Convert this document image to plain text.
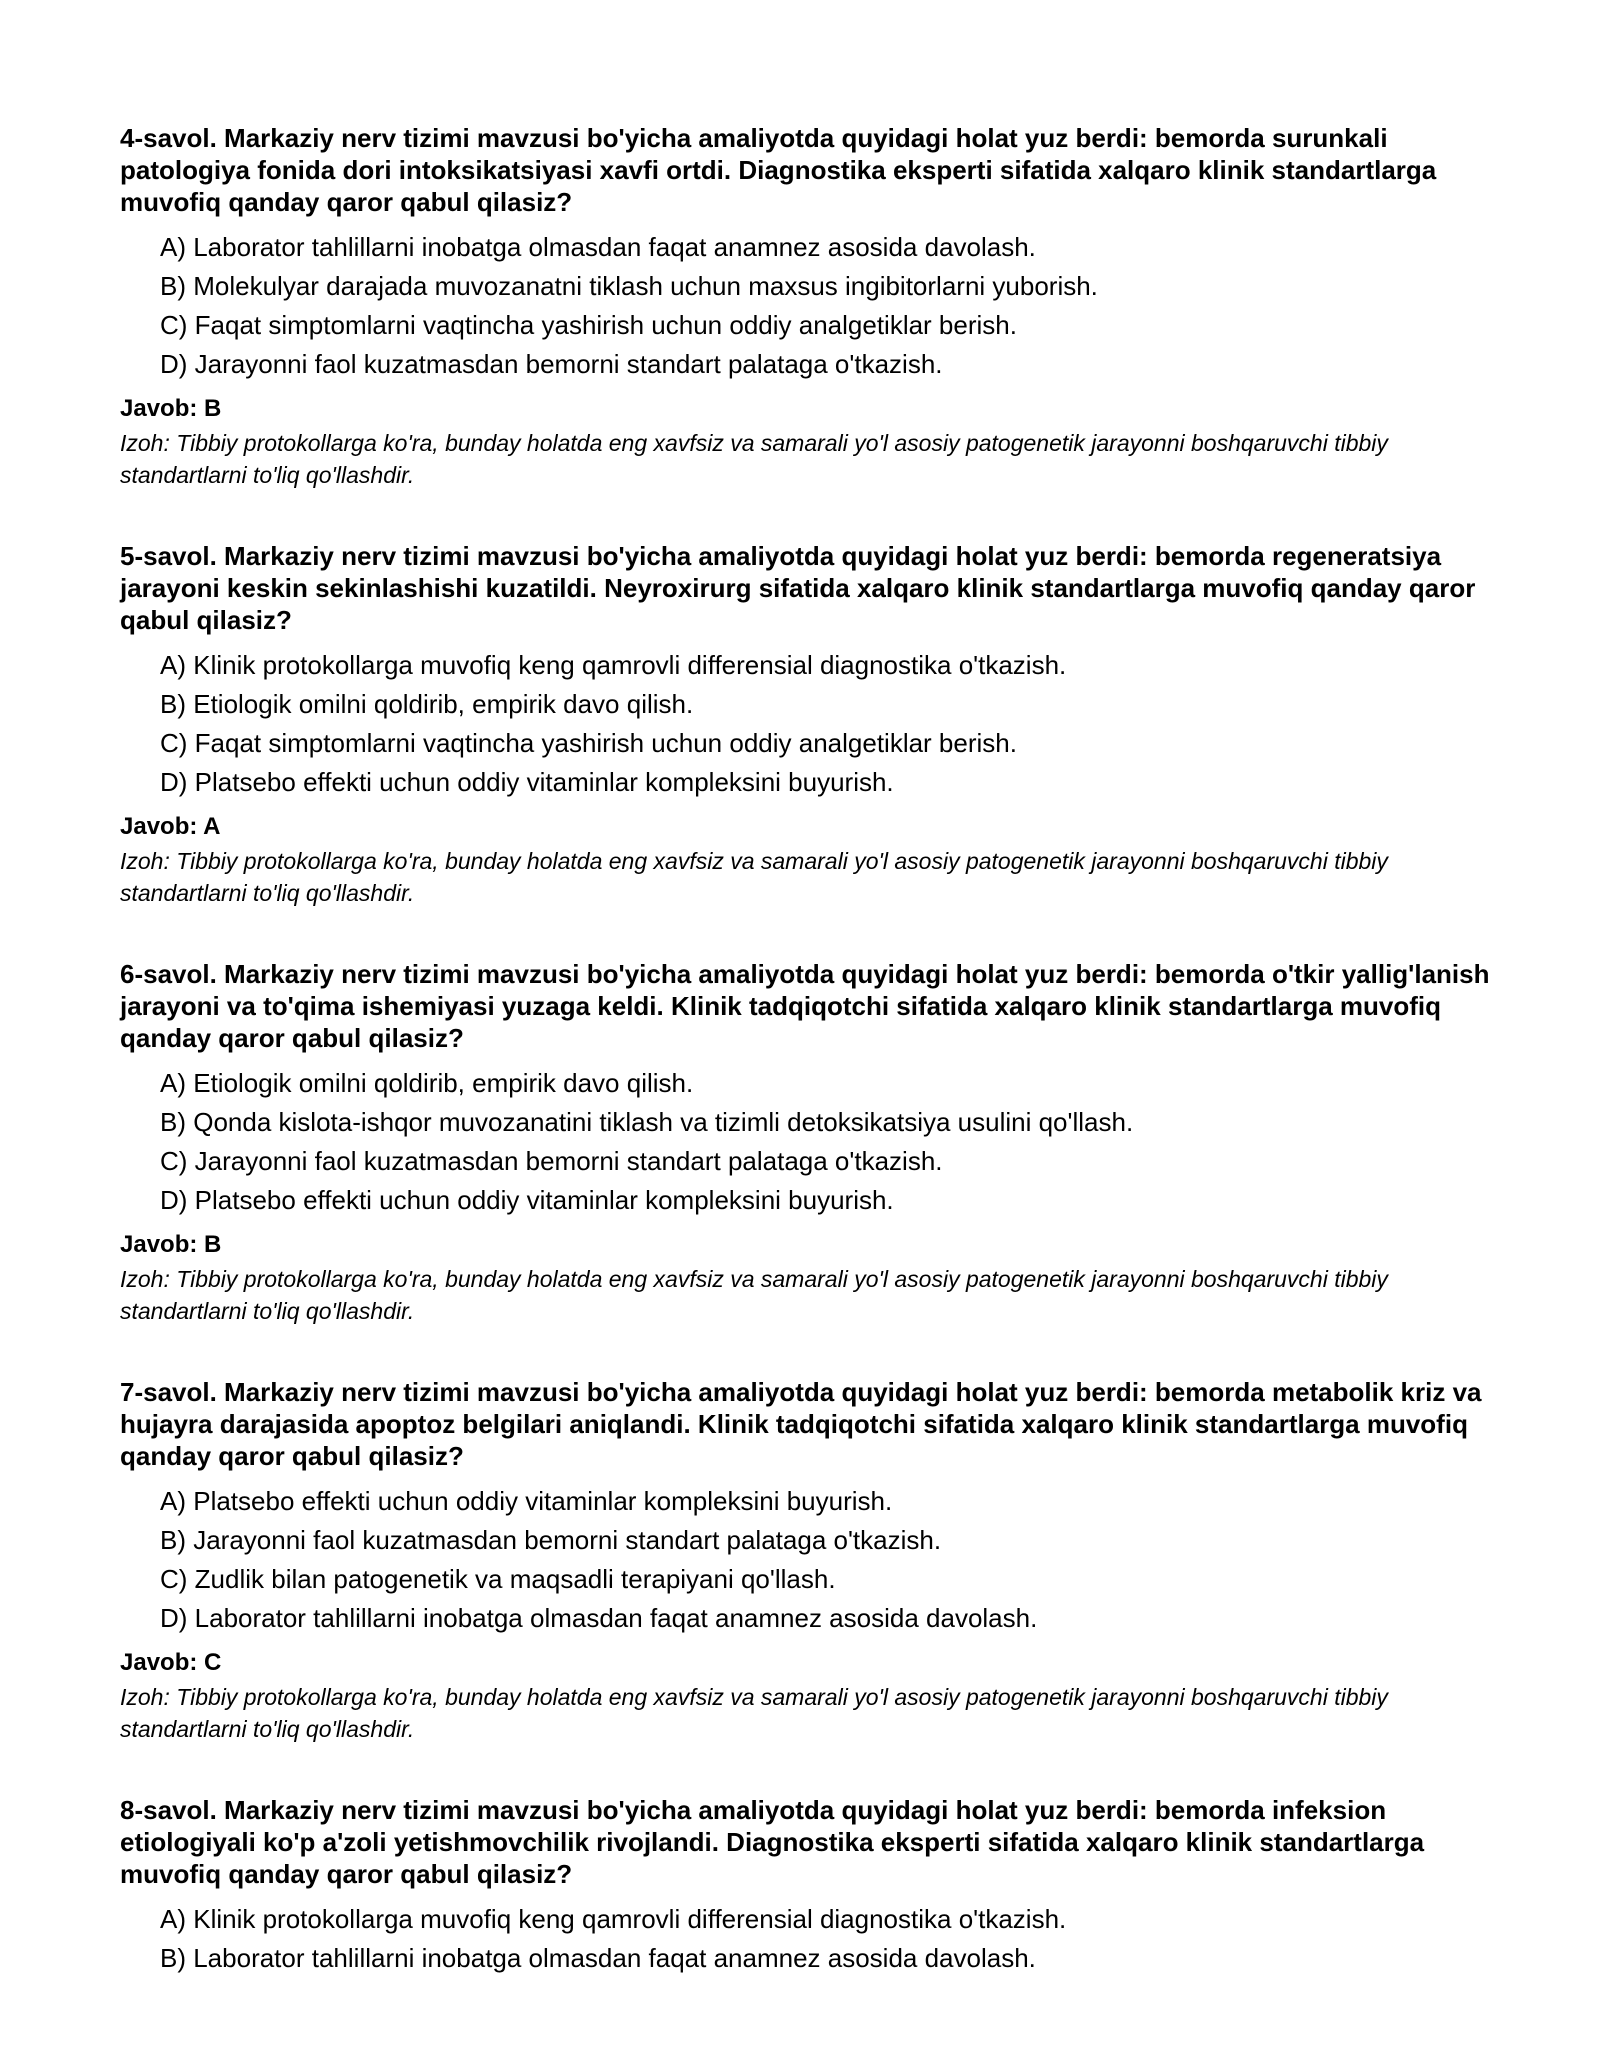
4-savol. Markaziy nerv tizimi mavzusi bo'yicha amaliyotda quyidagi holat yuz berdi: bemorda surunkali patologiya fonida dori intoksikatsiyasi xavfi ortdi. Diagnostika eksperti sifatida xalqaro klinik standartlarga muvofiq qanday qaror qabul qilasiz?

A) Laborator tahlillarni inobatga olmasdan faqat anamnez asosida davolash.
B) Molekulyar darajada muvozanatni tiklash uchun maxsus ingibitorlarni yuborish.
C) Faqat simptomlarni vaqtincha yashirish uchun oddiy analgetiklar berish.
D) Jarayonni faol kuzatmasdan bemorni standart palataga o'tkazish.

Javob: B

Izoh: Tibbiy protokollarga ko'ra, bunday holatda eng xavfsiz va samarali yo'l asosiy patogenetik jarayonni boshqaruvchi tibbiy standartlarni to'liq qo'llashdir.

5-savol. Markaziy nerv tizimi mavzusi bo'yicha amaliyotda quyidagi holat yuz berdi: bemorda regeneratsiya jarayoni keskin sekinlashishi kuzatildi. Neyroxirurg sifatida xalqaro klinik standartlarga muvofiq qanday qaror qabul qilasiz?

A) Klinik protokollarga muvofiq keng qamrovli differensial diagnostika o'tkazish.
B) Etiologik omilni qoldirib, empirik davo qilish.
C) Faqat simptomlarni vaqtincha yashirish uchun oddiy analgetiklar berish.
D) Platsebo effekti uchun oddiy vitaminlar kompleksini buyurish.

Javob: A

Izoh: Tibbiy protokollarga ko'ra, bunday holatda eng xavfsiz va samarali yo'l asosiy patogenetik jarayonni boshqaruvchi tibbiy standartlarni to'liq qo'llashdir.

6-savol. Markaziy nerv tizimi mavzusi bo'yicha amaliyotda quyidagi holat yuz berdi: bemorda o'tkir yallig'lanish jarayoni va to'qima ishemiyasi yuzaga keldi. Klinik tadqiqotchi sifatida xalqaro klinik standartlarga muvofiq qanday qaror qabul qilasiz?

A) Etiologik omilni qoldirib, empirik davo qilish.
B) Qonda kislota-ishqor muvozanatini tiklash va tizimli detoksikatsiya usulini qo'llash.
C) Jarayonni faol kuzatmasdan bemorni standart palataga o'tkazish.
D) Platsebo effekti uchun oddiy vitaminlar kompleksini buyurish.

Javob: B

Izoh: Tibbiy protokollarga ko'ra, bunday holatda eng xavfsiz va samarali yo'l asosiy patogenetik jarayonni boshqaruvchi tibbiy standartlarni to'liq qo'llashdir.

7-savol. Markaziy nerv tizimi mavzusi bo'yicha amaliyotda quyidagi holat yuz berdi: bemorda metabolik kriz va hujayra darajasida apoptoz belgilari aniqlandi. Klinik tadqiqotchi sifatida xalqaro klinik standartlarga muvofiq qanday qaror qabul qilasiz?

A) Platsebo effekti uchun oddiy vitaminlar kompleksini buyurish.
B) Jarayonni faol kuzatmasdan bemorni standart palataga o'tkazish.
C) Zudlik bilan patogenetik va maqsadli terapiyani qo'llash.
D) Laborator tahlillarni inobatga olmasdan faqat anamnez asosida davolash.

Javob: C

Izoh: Tibbiy protokollarga ko'ra, bunday holatda eng xavfsiz va samarali yo'l asosiy patogenetik jarayonni boshqaruvchi tibbiy standartlarni to'liq qo'llashdir.

8-savol. Markaziy nerv tizimi mavzusi bo'yicha amaliyotda quyidagi holat yuz berdi: bemorda infeksion etiologiyali ko'p a'zoli yetishmovchilik rivojlandi. Diagnostika eksperti sifatida xalqaro klinik standartlarga muvofiq qanday qaror qabul qilasiz?

A) Klinik protokollarga muvofiq keng qamrovli differensial diagnostika o'tkazish.
B) Laborator tahlillarni inobatga olmasdan faqat anamnez asosida davolash.
